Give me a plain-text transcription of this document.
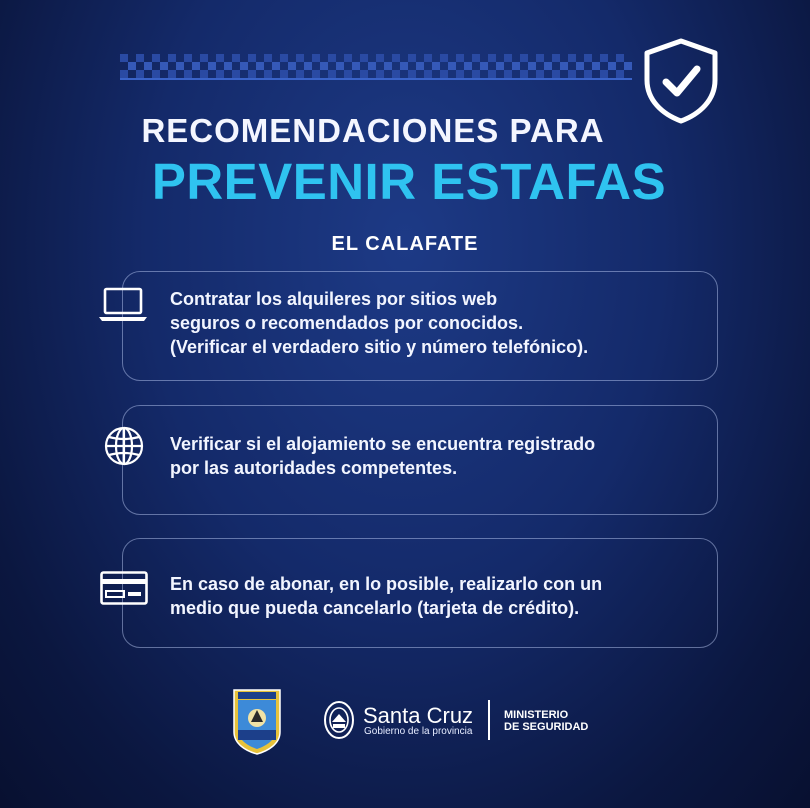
RECOMENDACIONES PARA
PREVENIR ESTAFAS
EL CALAFATE
Contratar los alquileres por sitios web
seguros o recomendados por conocidos.
(Verificar el verdadero sitio y número telefónico).
Verificar si el alojamiento se encuentra registrado
por las autoridades competentes.
En caso de abonar, en lo posible, realizarlo con un
medio que pueda cancelarlo (tarjeta de crédito).
Santa Cruz
Gobierno de la provincia
MINISTERIO
DE SEGURIDAD
